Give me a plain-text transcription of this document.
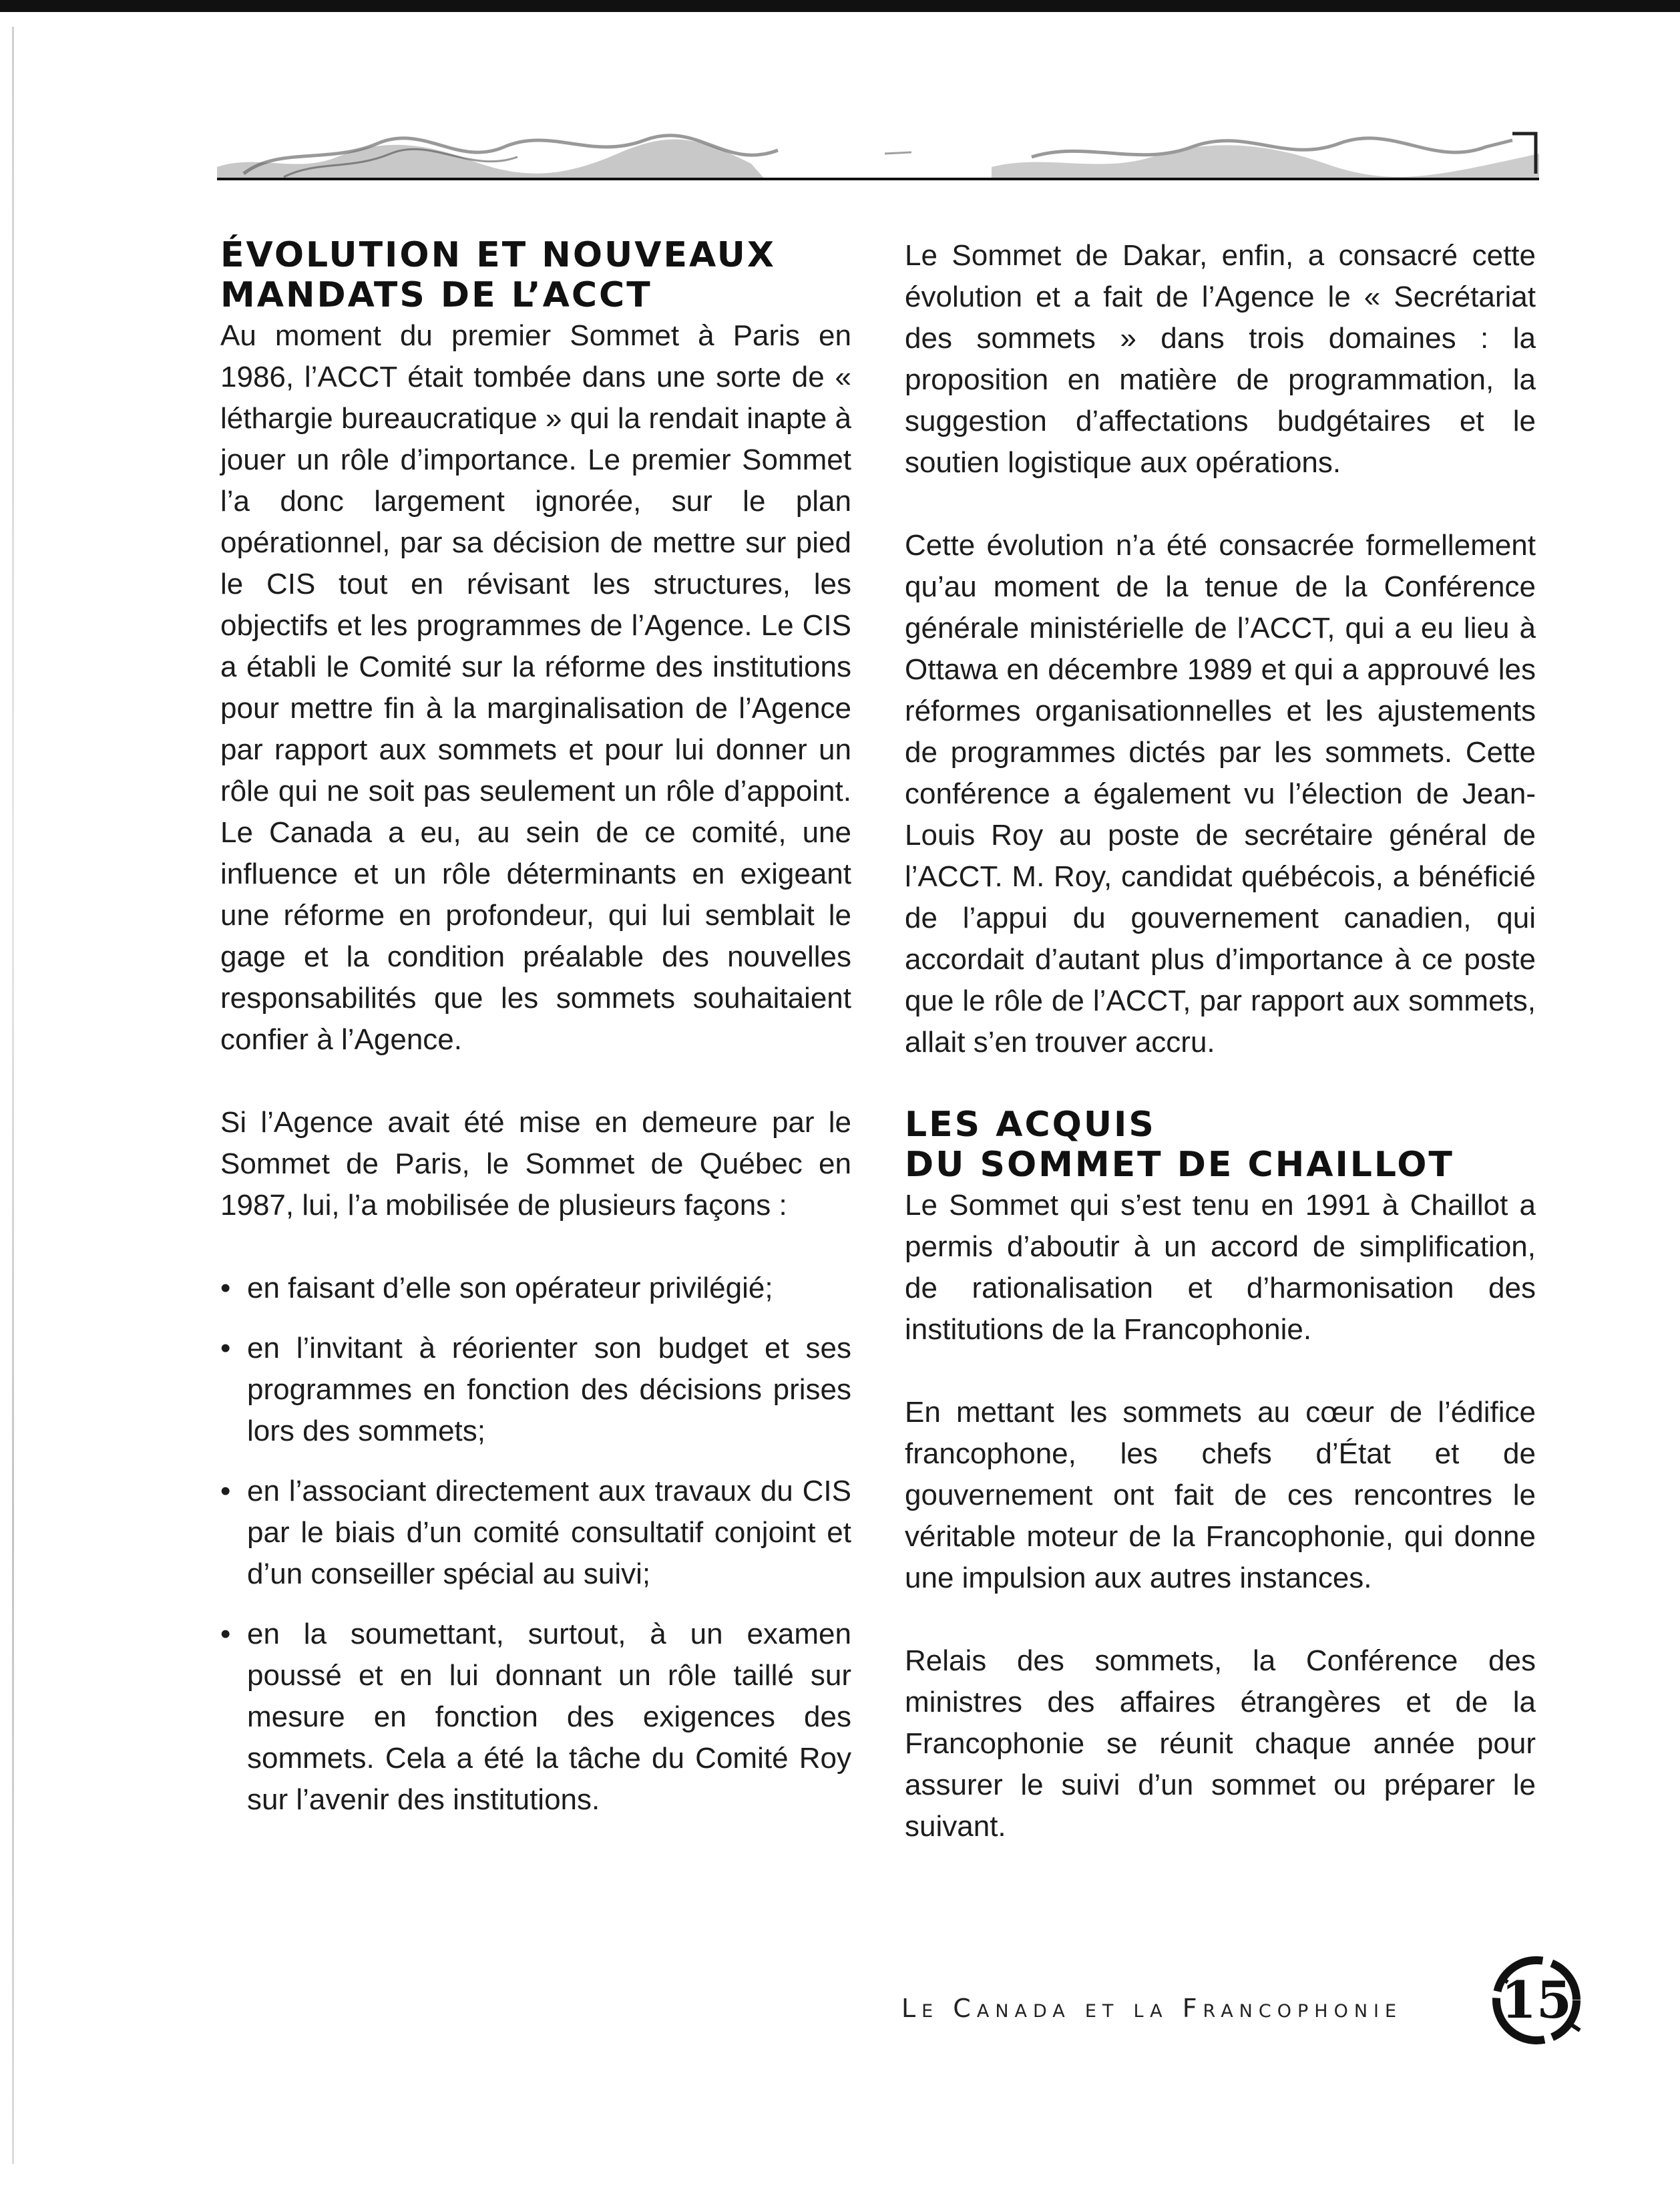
ÉVOLUTION ET NOUVEAUX
MANDATS DE L’ACCT

Au moment du premier Sommet à Paris en 1986, l’ACCT était tombée dans une sorte de « léthargie bureaucratique » qui la rendait inapte à jouer un rôle d’importance. Le premier Sommet l’a donc largement ignorée, sur le plan opérationnel, par sa décision de mettre sur pied le CIS tout en révisant les structures, les objectifs et les programmes de l’Agence. Le CIS a établi le Comité sur la réforme des institutions pour mettre fin à la marginalisation de l’Agence par rapport aux sommets et pour lui donner un rôle qui ne soit pas seulement un rôle d’appoint. Le Canada a eu, au sein de ce comité, une influence et un rôle déterminants en exigeant une réforme en profondeur, qui lui semblait le gage et la condition préalable des nouvelles responsabilités que les sommets souhaitaient confier à l’Agence.

Si l’Agence avait été mise en demeure par le Sommet de Paris, le Sommet de Québec en 1987, lui, l’a mobilisée de plusieurs façons :

• en faisant d’elle son opérateur privilégié;
• en l’invitant à réorienter son budget et ses programmes en fonction des décisions prises lors des sommets;
• en l’associant directement aux travaux du CIS par le biais d’un comité consultatif conjoint et d’un conseiller spécial au suivi;
• en la soumettant, surtout, à un examen poussé et en lui donnant un rôle taillé sur mesure en fonction des exigences des sommets. Cela a été la tâche du Comité Roy sur l’avenir des institutions.

Le Sommet de Dakar, enfin, a consacré cette évolution et a fait de l’Agence le « Secrétariat des sommets » dans trois domaines : la proposition en matière de programmation, la suggestion d’affectations budgétaires et le soutien logistique aux opérations.

Cette évolution n’a été consacrée formellement qu’au moment de la tenue de la Conférence générale ministérielle de l’ACCT, qui a eu lieu à Ottawa en décembre 1989 et qui a approuvé les réformes organisationnelles et les ajustements de programmes dictés par les sommets. Cette conférence a également vu l’élection de Jean-Louis Roy au poste de secrétaire général de l’ACCT. M. Roy, candidat québécois, a bénéficié de l’appui du gouvernement canadien, qui accordait d’autant plus d’importance à ce poste que le rôle de l’ACCT, par rapport aux sommets, allait s’en trouver accru.

LES ACQUIS
DU SOMMET DE CHAILLOT

Le Sommet qui s’est tenu en 1991 à Chaillot a permis d’aboutir à un accord de simplification, de rationalisation et d’harmonisation des institutions de la Francophonie.

En mettant les sommets au cœur de l’édifice francophone, les chefs d’État et de gouvernement ont fait de ces rencontres le véritable moteur de la Francophonie, qui donne une impulsion aux autres instances.

Relais des sommets, la Conférence des ministres des affaires étrangères et de la Francophonie se réunit chaque année pour assurer le suivi d’un sommet ou préparer le suivant.

Le Canada et la Francophonie 15
